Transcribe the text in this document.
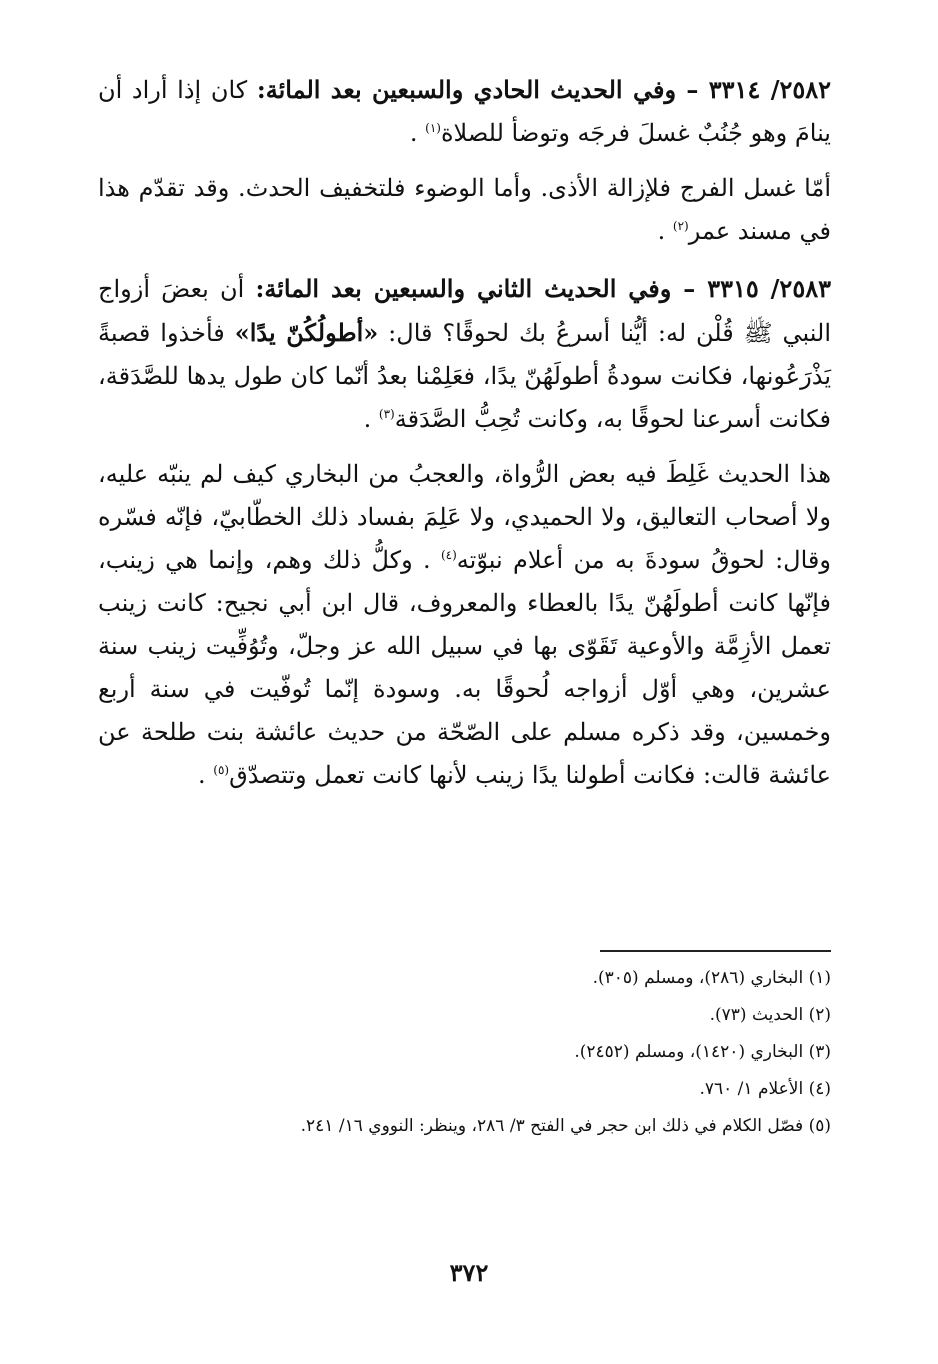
٢٥٨٢/ ٣٣١٤ – وفي الحديث الحادي والسبعين بعد المائة: كان إذا أراد أن ينامَ وهو جُنُبٌ غسلَ فرجَه وتوضأ للصلاة$^{(١)}$ .

أمّا غسل الفرج فلإزالة الأذى. وأما الوضوء فلتخفيف الحدث. وقد تقدّم هذا في مسند عمر$^{(٢)}$ .

٢٥٨٣/ ٣٣١٥ – وفي الحديث الثاني والسبعين بعد المائة: أن بعضَ أزواج النبي ﷺ قُلْن له: أيُّنا أسرعُ بك لحوقًا؟ قال: «أطولُكُنّ يدًا» فأخذوا قصبةً يَذْرَعُونها، فكانت سودةُ أطولَهُنّ يدًا، فعَلِمْنا بعدُ أنّما كان طول يدها للصَّدَقة، فكانت أسرعنا لحوقًا به، وكانت تُحِبُّ الصَّدَقة$^{(٣)}$ .

هذا الحديث غَلِطَ فيه بعض الرُّواة، والعجبُ من البخاري كيف لم ينبّه عليه، ولا أصحاب التعاليق، ولا الحميدي، ولا عَلِمَ بفساد ذلك الخطّابيّ، فإنّه فسّره وقال: لحوقُ سودةَ به من أعلام نبوّته$^{(٤)}$ . وكلُّ ذلك وهم، وإنما هي زينب، فإنّها كانت أطولَهُنّ يدًا بالعطاء والمعروف، قال ابن أبي نجيح: كانت زينب تعمل الأزِمَّة والأوعية تَقَوّى بها في سبيل الله عز وجلّ، وتُوُفِّيت زينب سنة عشرين، وهي أوّل أزواجه لُحوقًا به. وسودة إنّما تُوفّيت في سنة أربع وخمسين، وقد ذكره مسلم على الصّحّة من حديث عائشة بنت طلحة عن عائشة قالت: فكانت أطولنا يدًا زينب لأنها كانت تعمل وتتصدّق$^{(٥)}$ .

(١) البخاري (٢٨٦)، ومسلم (٣٠٥).
(٢) الحديث (٧٣).
(٣) البخاري (١٤٢٠)، ومسلم (٢٤٥٢).
(٤) الأعلام ١/ ٧٦٠.
(٥) فصّل الكلام في ذلك ابن حجر في الفتح ٣/ ٢٨٦، وينظر: النووي ١٦/ ٢٤١.
٣٧٢
